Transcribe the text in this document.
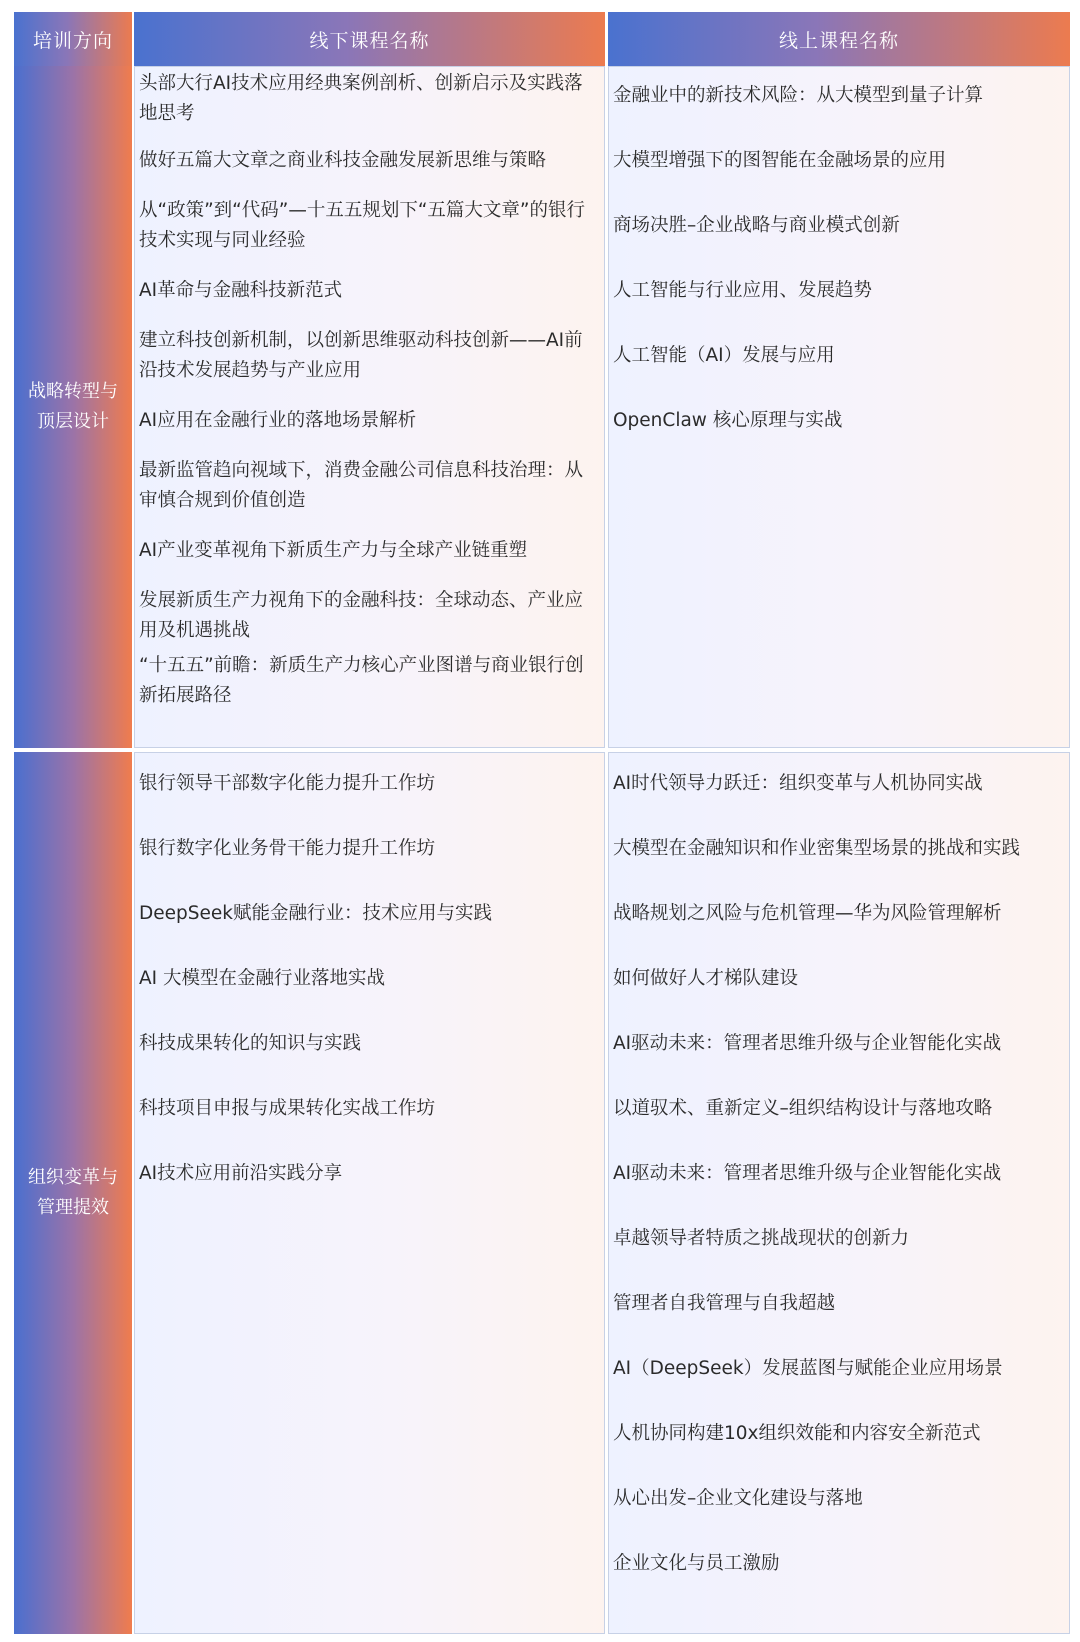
培训方向	线下课程名称	线上课程名称
战略转型与顶层设计
头部大行AI技术应用经典案例剖析、创新启示及实践落地思考
做好五篇大文章之商业科技金融发展新思维与策略
从“政策”到“代码”—十五五规划下“五篇大文章”的银行技术实现与同业经验
AI革命与金融科技新范式
建立科技创新机制，以创新思维驱动科技创新——AI前沿技术发展趋势与产业应用
AI应用在金融行业的落地场景解析
最新监管趋向视域下，消费金融公司信息科技治理：从审慎合规到价值创造
AI产业变革视角下新质生产力与全球产业链重塑
发展新质生产力视角下的金融科技：全球动态、产业应用及机遇挑战
“十五五”前瞻：新质生产力核心产业图谱与商业银行创新拓展路径
金融业中的新技术风险：从大模型到量子计算
大模型增强下的图智能在金融场景的应用
商场决胜–企业战略与商业模式创新
人工智能与行业应用、发展趋势
人工智能（AI）发展与应用
OpenClaw 核心原理与实战
组织变革与管理提效
银行领导干部数字化能力提升工作坊
银行数字化业务骨干能力提升工作坊
DeepSeek赋能金融行业：技术应用与实践
AI 大模型在金融行业落地实战
科技成果转化的知识与实践
科技项目申报与成果转化实战工作坊
AI技术应用前沿实践分享
AI时代领导力跃迁：组织变革与人机协同实战
大模型在金融知识和作业密集型场景的挑战和实践
战略规划之风险与危机管理—华为风险管理解析
如何做好人才梯队建设
AI驱动未来：管理者思维升级与企业智能化实战
以道驭术、重新定义–组织结构设计与落地攻略
AI驱动未来：管理者思维升级与企业智能化实战
卓越领导者特质之挑战现状的创新力
管理者自我管理与自我超越
AI（DeepSeek）发展蓝图与赋能企业应用场景
人机协同构建10x组织效能和内容安全新范式
从心出发–企业文化建设与落地
企业文化与员工激励
